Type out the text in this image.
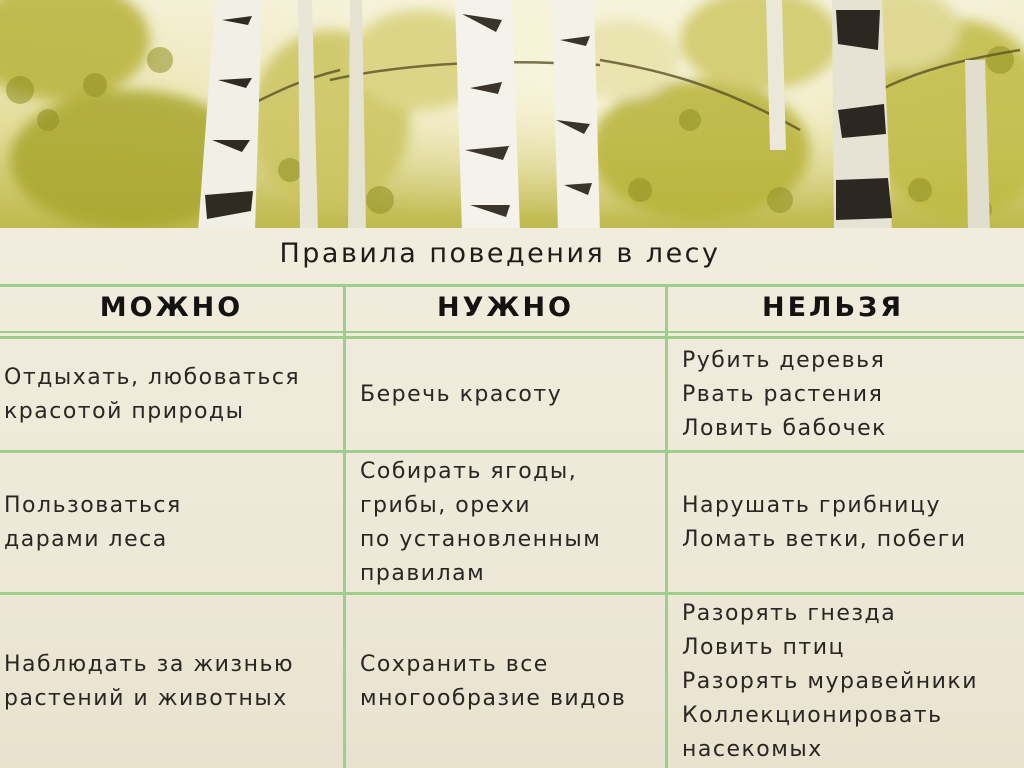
Правила поведения в лесу
МОЖНО	НУЖНО	НЕЛЬЗЯ
Отдыхать, любоваться
красотой природы
Беречь красоту
Рубить деревья
Рвать растения
Ловить бабочек
Пользоваться
дарами леса
Собирать ягоды,
грибы, орехи
по установленным
правилам
Нарушать грибницу
Ломать ветки, побеги
Наблюдать за жизнью
растений и животных
Сохранить все
многообразие видов
Разорять гнезда
Ловить птиц
Разорять муравейники
Коллекционировать
насекомых
